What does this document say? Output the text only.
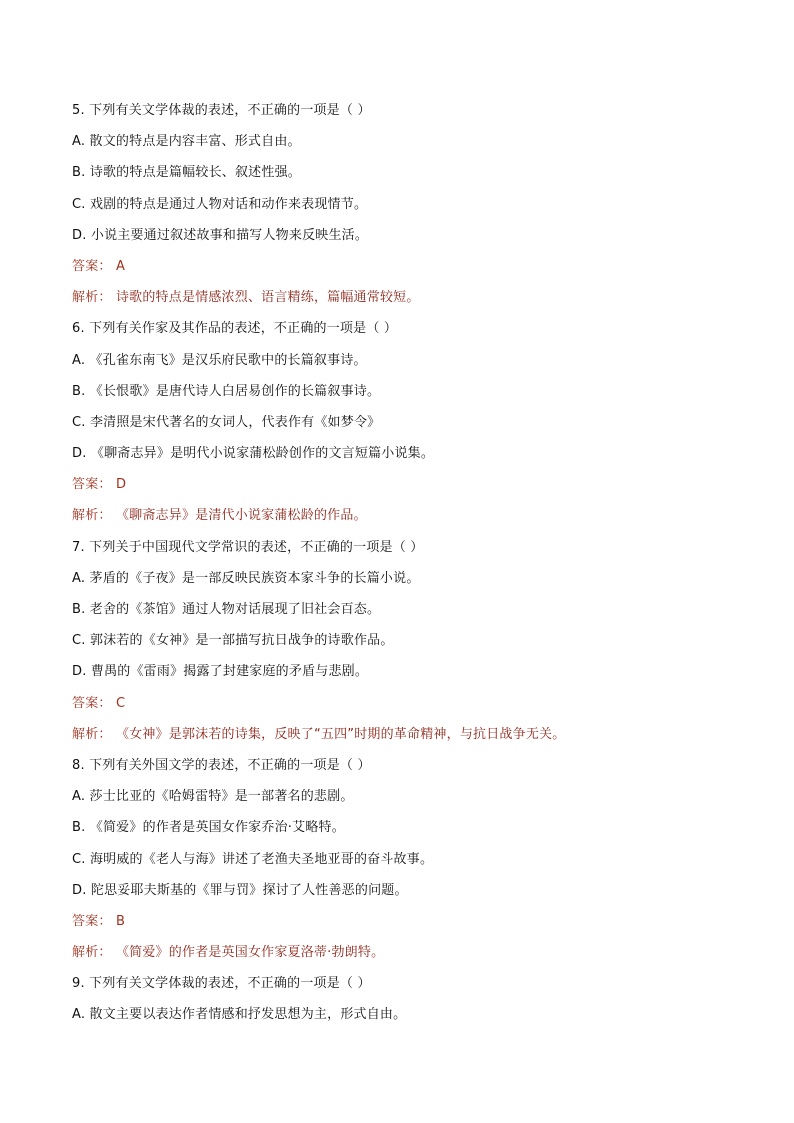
5. 下列有关文学体裁的表述，不正确的一项是（ ）
A. 散文的特点是内容丰富、形式自由。
B. 诗歌的特点是篇幅较长、叙述性强。
C. 戏剧的特点是通过人物对话和动作来表现情节。
D. 小说主要通过叙述故事和描写人物来反映生活。
答案： A
解析： 诗歌的特点是情感浓烈、语言精练，篇幅通常较短。
6. 下列有关作家及其作品的表述，不正确的一项是（ ）
A. 《孔雀东南飞》是汉乐府民歌中的长篇叙事诗。
B. 《长恨歌》是唐代诗人白居易创作的长篇叙事诗。
C. 李清照是宋代著名的女词人，代表作有《如梦令》
D. 《聊斋志异》是明代小说家蒲松龄创作的文言短篇小说集。
答案： D
解析： 《聊斋志异》是清代小说家蒲松龄的作品。
7. 下列关于中国现代文学常识的表述，不正确的一项是（ ）
A. 茅盾的《子夜》是一部反映民族资本家斗争的长篇小说。
B. 老舍的《茶馆》通过人物对话展现了旧社会百态。
C. 郭沫若的《女神》是一部描写抗日战争的诗歌作品。
D. 曹禺的《雷雨》揭露了封建家庭的矛盾与悲剧。
答案： C
解析： 《女神》是郭沫若的诗集，反映了“五四”时期的革命精神，与抗日战争无关。
8. 下列有关外国文学的表述，不正确的一项是（ ）
A. 莎士比亚的《哈姆雷特》是一部著名的悲剧。
B. 《简爱》的作者是英国女作家乔治·艾略特。
C. 海明威的《老人与海》讲述了老渔夫圣地亚哥的奋斗故事。
D. 陀思妥耶夫斯基的《罪与罚》探讨了人性善恶的问题。
答案： B
解析： 《简爱》的作者是英国女作家夏洛蒂·勃朗特。
9. 下列有关文学体裁的表述，不正确的一项是（ ）
A. 散文主要以表达作者情感和抒发思想为主，形式自由。
